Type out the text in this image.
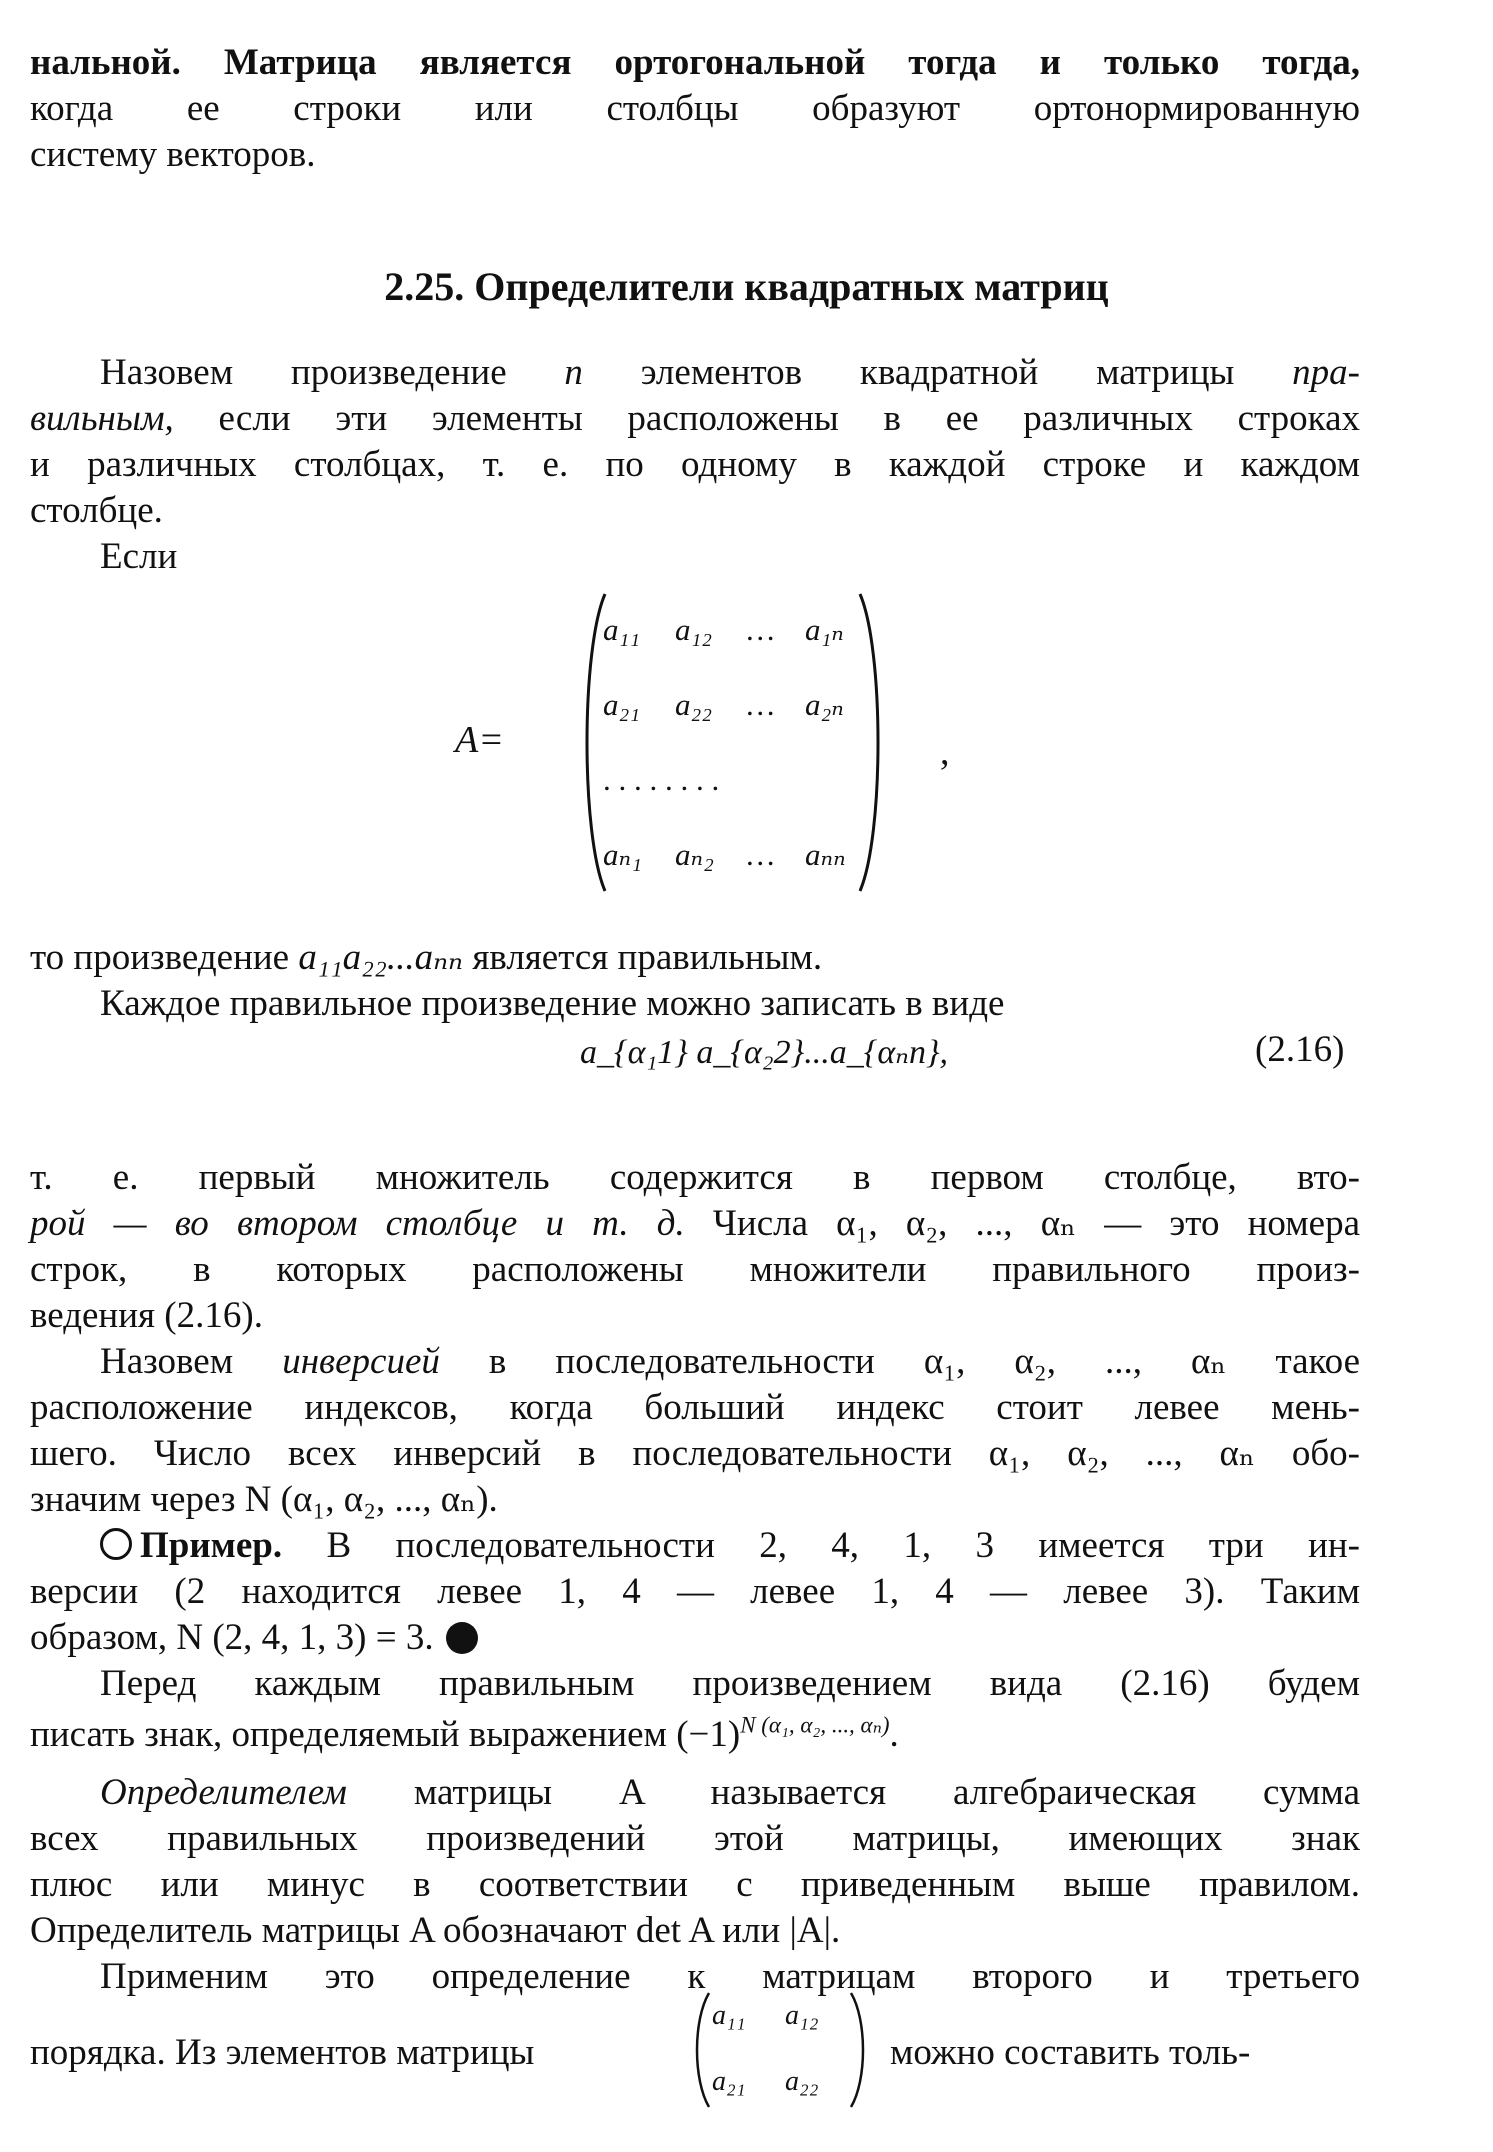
нальной. Матрица является ортогональной тогда и только тогда,
когда ее строки или столбцы образуют ортонормированную
систему векторов.
2.25. Определители квадратных матриц
Назовем произведение n элементов квадратной матрицы пра-
вильным, если эти элементы расположены в ее различных строках
и различных столбцах, т. е. по одному в каждой строке и каждом
столбце.
Если
A=
a₁₁ a₁₂ … a₁ₙ
a₂₁ a₂₂ … a₂ₙ
. . . . . . . .
aₙ₁ aₙ₂ … aₙₙ
,
то произведение a₁₁a₂₂...aₙₙ является правильным.
Каждое правильное произведение можно записать в виде
a_{α₁1} a_{α₂2}...a_{αₙn},	(2.16)
т. е. первый множитель содержится в первом столбце, вто-
рой — во втором столбце и т. д. Числа α₁, α₂, ..., αₙ — это номера
строк, в которых расположены множители правильного произ-
ведения (2.16).
Назовем инверсией в последовательности α₁, α₂, ..., αₙ такое
расположение индексов, когда больший индекс стоит левее мень-
шего. Число всех инверсий в последовательности α₁, α₂, ..., αₙ обо-
значим через N (α₁, α₂, ..., αₙ).
Пример. В последовательности 2, 4, 1, 3 имеется три ин-
версии (2 находится левее 1, 4 — левее 1, 4 — левее 3). Таким
образом, N (2, 4, 1, 3) = 3.
Перед каждым правильным произведением вида (2.16) будем
писать знак, определяемый выражением $(-1)^{N (\alpha_1, \alpha_2, ..., \alpha_n)}$.
Определителем матрицы A называется алгебраическая сумма
всех правильных произведений этой матрицы, имеющих знак
плюс или минус в соответствии с приведенным выше правилом.
Определитель матрицы A обозначают det A или |A|.
Применим это определение к матрицам второго и третьего
порядка. Из элементов матрицы	можно составить толь-
a₁₁ a₁₂
a₂₁ a₂₂
